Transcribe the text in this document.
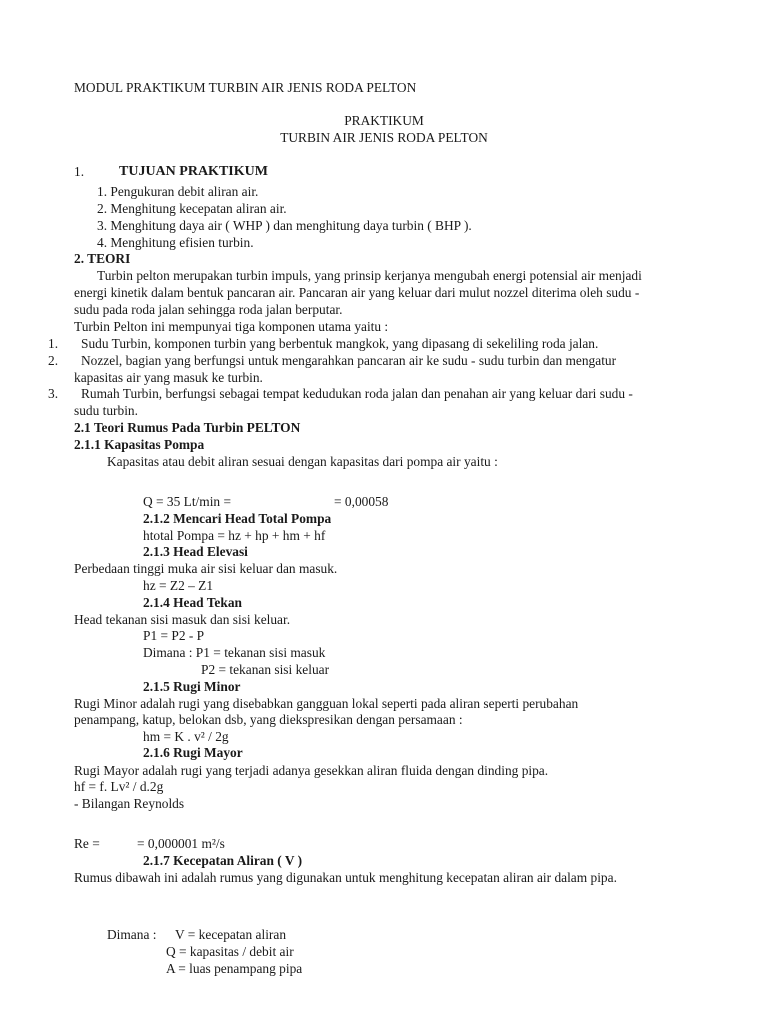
MODUL PRAKTIKUM TURBIN AIR JENIS RODA PELTON
PRAKTIKUM
TURBIN AIR JENIS RODA PELTON
1. TUJUAN PRAKTIKUM
1. Pengukuran debit aliran air.
2. Menghitung kecepatan aliran air.
3. Menghitung daya air ( WHP ) dan menghitung daya turbin ( BHP ).
4. Menghitung efisien turbin.
2. TEORI
Turbin pelton merupakan turbin impuls, yang prinsip kerjanya mengubah energi potensial air menjadi
energi kinetik dalam bentuk pancaran air. Pancaran air yang keluar dari mulut nozzel diterima oleh sudu -
sudu pada roda jalan sehingga roda jalan berputar.
Turbin Pelton ini mempunyai tiga komponen utama yaitu :
1. Sudu Turbin, komponen turbin yang berbentuk mangkok, yang dipasang di sekeliling roda jalan.
2. Nozzel, bagian yang berfungsi untuk mengarahkan pancaran air ke sudu - sudu turbin dan mengatur
kapasitas air yang masuk ke turbin.
3. Rumah Turbin, berfungsi sebagai tempat kedudukan roda jalan dan penahan air yang keluar dari sudu -
sudu turbin.
2.1 Teori Rumus Pada Turbin PELTON
2.1.1 Kapasitas Pompa
Kapasitas atau debit aliran sesuai dengan kapasitas dari pompa air yaitu :
Q = 35 Lt/min =	= 0,00058
2.1.2 Mencari Head Total Pompa
htotal Pompa = hz + hp + hm + hf
2.1.3 Head Elevasi
Perbedaan tinggi muka air sisi keluar dan masuk.
hz = Z2 – Z1
2.1.4 Head Tekan
Head tekanan sisi masuk dan sisi keluar.
P1 = P2 - P
Dimana : P1 = tekanan sisi masuk
P2 = tekanan sisi keluar
2.1.5 Rugi Minor
Rugi Minor adalah rugi yang disebabkan gangguan lokal seperti pada aliran seperti perubahan
penampang, katup, belokan dsb, yang diekspresikan dengan persamaan :
hm = K . v² / 2g
2.1.6 Rugi Mayor
Rugi Mayor adalah rugi yang terjadi adanya gesekkan aliran fluida dengan dinding pipa.
hf = f. Lv² / d.2g
- Bilangan Reynolds
Re =	= 0,000001 m²/s
2.1.7 Kecepatan Aliran ( V )
Rumus dibawah ini adalah rumus yang digunakan untuk menghitung kecepatan aliran air dalam pipa.
Dimana : V = kecepatan aliran
Q = kapasitas / debit air
A = luas penampang pipa
